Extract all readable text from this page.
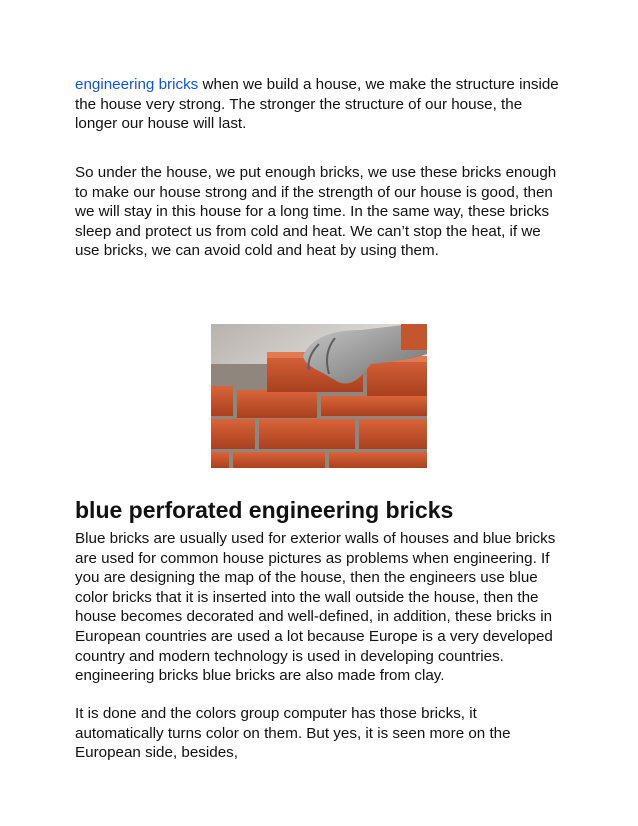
engineering bricks when we build a house, we make the structure inside the house very strong. The stronger the structure of our house, the longer our house will last.

So under the house, we put enough bricks, we use these bricks enough to make our house strong and if the strength of our house is good, then we will stay in this house for a long time. In the same way, these bricks sleep and protect us from cold and heat. We can’t stop the heat, if we use bricks, we can avoid cold and heat by using them.

blue perforated engineering bricks

Blue bricks are usually used for exterior walls of houses and blue bricks are used for common house pictures as problems when engineering. If you are designing the map of the house, then the engineers use blue color bricks that it is inserted into the wall outside the house, then the house becomes decorated and well-defined, in addition, these bricks in European countries are used a lot because Europe is a very developed country and modern technology is used in developing countries. engineering bricks blue bricks are also made from clay.

It is done and the colors group computer has those bricks, it automatically turns color on them. But yes, it is seen more on the European side, besides,
